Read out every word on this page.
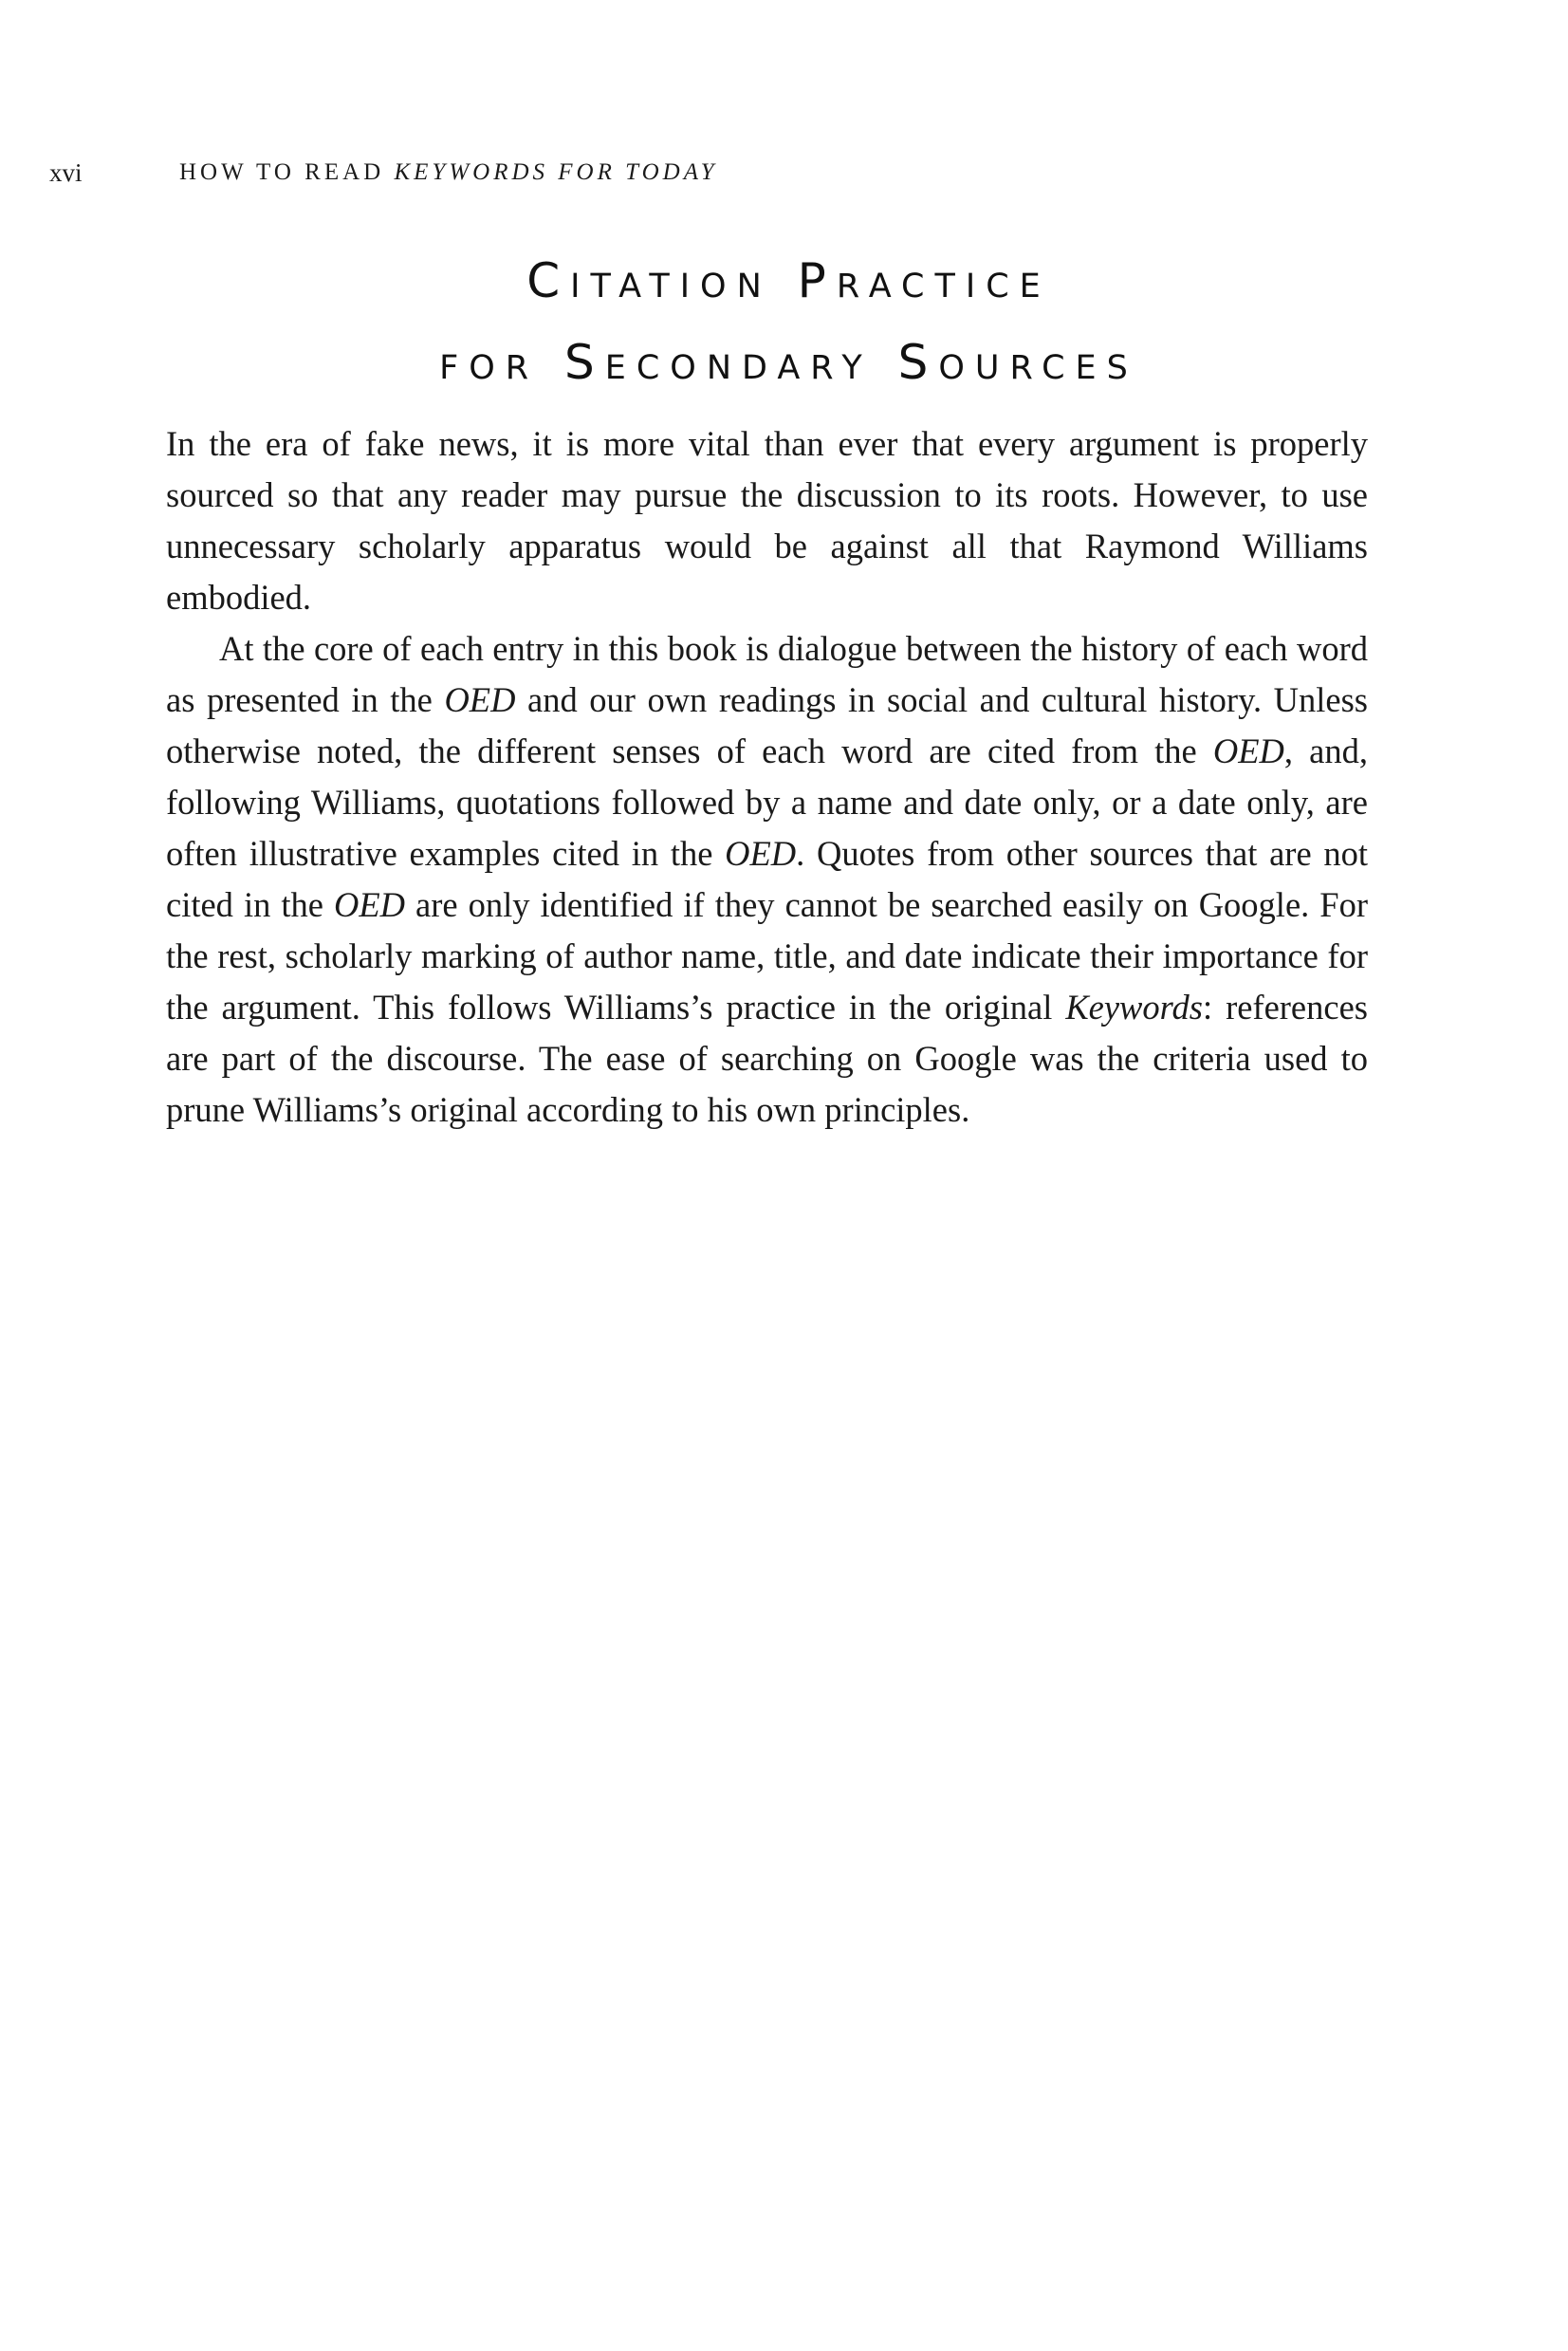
xvi	HOW TO READ KEYWORDS FOR TODAY
Citation Practice
for Secondary Sources

In the era of fake news, it is more vital than ever that every argument is properly sourced so that any reader may pursue the discussion to its roots. However, to use unnecessary scholarly apparatus would be against all that Raymond Williams embodied.

At the core of each entry in this book is dialogue between the history of each word as presented in the OED and our own readings in social and cultural history. Unless otherwise noted, the different senses of each word are cited from the OED, and, following Williams, quotations followed by a name and date only, or a date only, are often illustrative examples cited in the OED. Quotes from other sources that are not cited in the OED are only identified if they cannot be searched easily on Google. For the rest, scholarly marking of author name, title, and date indicate their importance for the argument. This follows Williams’s practice in the original Keywords: references are part of the discourse. The ease of searching on Google was the criteria used to prune Williams’s original according to his own principles.
